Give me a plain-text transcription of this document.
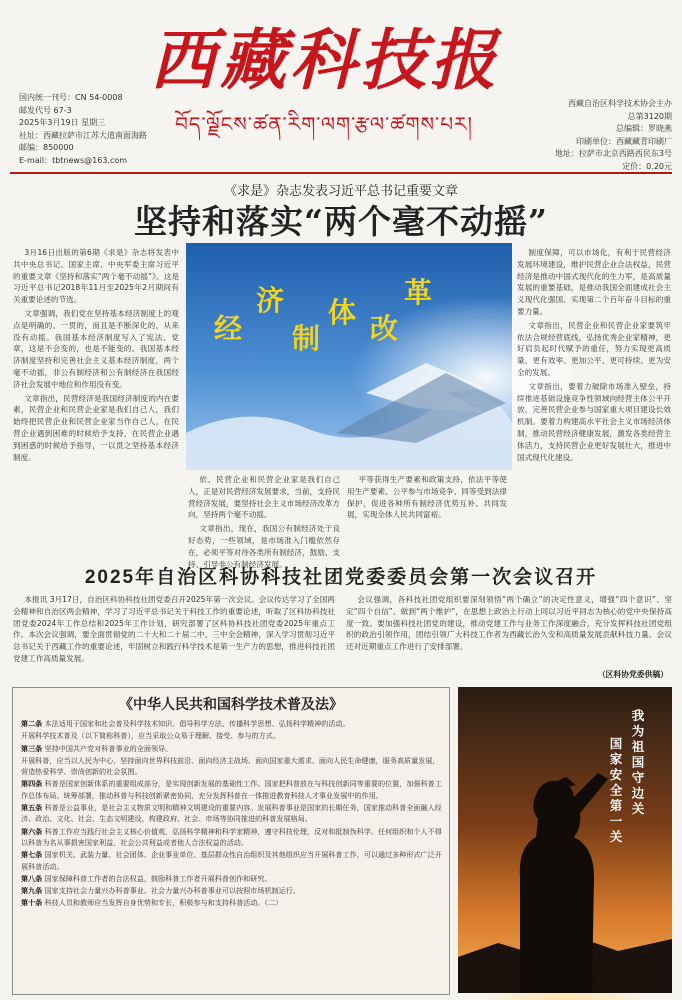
西藏科技报
བོད་ལྗོངས་ཚན་རིག་ལག་རྩལ་ཚགས་པར།
国内统一刊号：CN 54-0008
邮发代号 67-3
2025年3月19日 星期三
社址：西藏拉萨市江苏大道南面海路
邮编：850000
E-mail：tbtnews@163.com
西藏自治区科学技术协会主办
总第3120期
总编辑：罗晓燕
印刷单位：西藏藏青印刷厂
地址：拉萨市北京西路西民东3号
定价：0.20元
《求是》杂志发表习近平总书记重要文章
坚持和落实“两个毫不动摇”

3月16日出版的第6期《求是》杂志将发表中共中央总书记、国家主席、中央军委主席习近平的重要文章《坚持和落实“两个毫不动摇”》。这是习近平总书记2018年11月至2025年2月期间有关重要论述的节选。

文章强调，我们党在坚持基本经济制度上的观点是明确的、一贯的，而且是不断深化的，从来没有动摇。我国基本经济制度写入了宪法、党章，这是不会变的，也是不能变的。我国基本经济制度坚持和完善社会主义基本经济制度，两个毫不动摇，非公有制经济和公有制经济在我国经济社会发展中地位和作用没有变。

文章指出，民营经济是我国经济制度的内在要素，民营企业和民营企业家是我们自己人，我们始终把民营企业和民营企业家当作自己人，在民营企业遇到困难的时候给予支持，在民营企业遇到困惑的时候给予指导，一以贯之坚持基本经济制度。

济
经	体
制
革
改

依、民营企业和民营企业家是我们自己人，正是对民营经济发展要求，当前，支持民营经济发展，要坚持社会主义市场经济改革方向，坚持两个毫不动摇。

文章指出，现在，我国公有制经济处于良好态势，一些领域，是市场准入门槛依然存在，必须平等对待各类所有制经济，鼓励、支持、引导非公有制经济发展。

平等获得生产要素和政策支持，依法平等使用生产要素、公平参与市场竞争、同等受到法律保护，促进各种所有制经济优势互补、共同发展，实现全体人民共同富裕。

制度保障，可以市场化，有利于民营经济发展环境建设，维护民营企业合法权益，民营经济是推动中国式现代化的生力军，是高质量发展的重要基础，是推动我国全面建成社会主义现代化强国、实现第二个百年奋斗目标的重要力量。

文章指出，民营企业和民营企业家要筑牢依法合规经营底线，弘扬优秀企业家精神，更好肩负起时代赋予的重任，努力实现更高质量、更有效率、更加公平、更可持续、更为安全的发展。

文章指出，要着力破除市场准入壁垒，持续推进基础设施竞争性领域向经营主体公平开放，完善民营企业参与国家重大项目建设长效机制。要着力构建高水平社会主义市场经济体制，推动民营经济健康发展，激发各类经营主体活力，支持民营企业更好发展壮大，推进中国式现代化建设。

2025年自治区科协科技社团党委委员会第一次会议召开

本报讯 3月17日，自治区科协科技社团党委召开2025年第一次会议。会议传达学习了全国两会精神和自治区两会精神，学习了习近平总书记关于科技工作的重要论述，听取了区科协科技社团党委2024年工作总结和2025年工作计划，研究部署了区科协科技社团党委2025年重点工作。本次会议强调，要全面贯彻党的二十大和二十届二中、三中全会精神，深入学习贯彻习近平总书记关于西藏工作的重要论述，牢固树立和践行科学技术是第一生产力的思想，推进科技社团党建工作高质量发展。

会议强调，各科技社团党组织要深刻领悟“两个确立”的决定性意义，增强“四个意识”、坚定“四个自信”、做到“两个维护”，在思想上政治上行动上同以习近平同志为核心的党中央保持高度一致。要加强科技社团党的建设，推动党建工作与业务工作深度融合，充分发挥科技社团党组织的政治引领作用，团结引领广大科技工作者为西藏长治久安和高质量发展贡献科技力量。会议还对近期重点工作进行了安排部署。

（区科协党委供稿）
《中华人民共和国科学技术普及法》

第二条 本法适用于国家和社会普及科学技术知识、倡导科学方法、传播科学思想、弘扬科学精神的活动。

开展科学技术普及（以下简称科普），应当采取公众易于理解、接受、参与的方式。

第三条 坚持中国共产党对科普事业的全面领导。

开展科普，应当以人民为中心，坚持面向世界科技前沿、面向经济主战场、面向国家重大需求、面向人民生命健康，服务高质量发展，营造热爱科学、崇尚创新的社会氛围。

第四条 科普是国家创新体系的重要组成部分，是实现创新发展的基础性工作。国家把科普放在与科技创新同等重要的位置，加强科普工作总体布局、统筹部署，推动科普与科技创新紧密协同，充分发挥科普在一体推进教育科技人才事业发展中的作用。

第五条 科普是公益事业，是社会主义物质文明和精神文明建设的重要内容。发展科普事业是国家的长期任务，国家推动科普全面融入经济、政治、文化、社会、生态文明建设，构建政府、社会、市场等协同推进的科普发展格局。

第六条 科普工作应当践行社会主义核心价值观，弘扬科学精神和科学家精神，遵守科技伦理，反对和抵制伪科学。任何组织和个人不得以科普为名从事损害国家利益、社会公共利益或者他人合法权益的活动。

第七条 国家机关、武装力量、社会团体、企业事业单位、基层群众性自治组织及其他组织应当开展科普工作，可以通过多种形式广泛开展科普活动。

第八条 国家保障科普工作者的合法权益，鼓励科普工作者开展科普创作和研究。

第九条 国家支持社会力量兴办科普事业。社会力量兴办科普事业可以按照市场机制运行。

第十条 科技人员和教师应当发挥自身优势和专长，积极参与和支持科普活动。（二）

我为祖国守边关
国家安全第一关
